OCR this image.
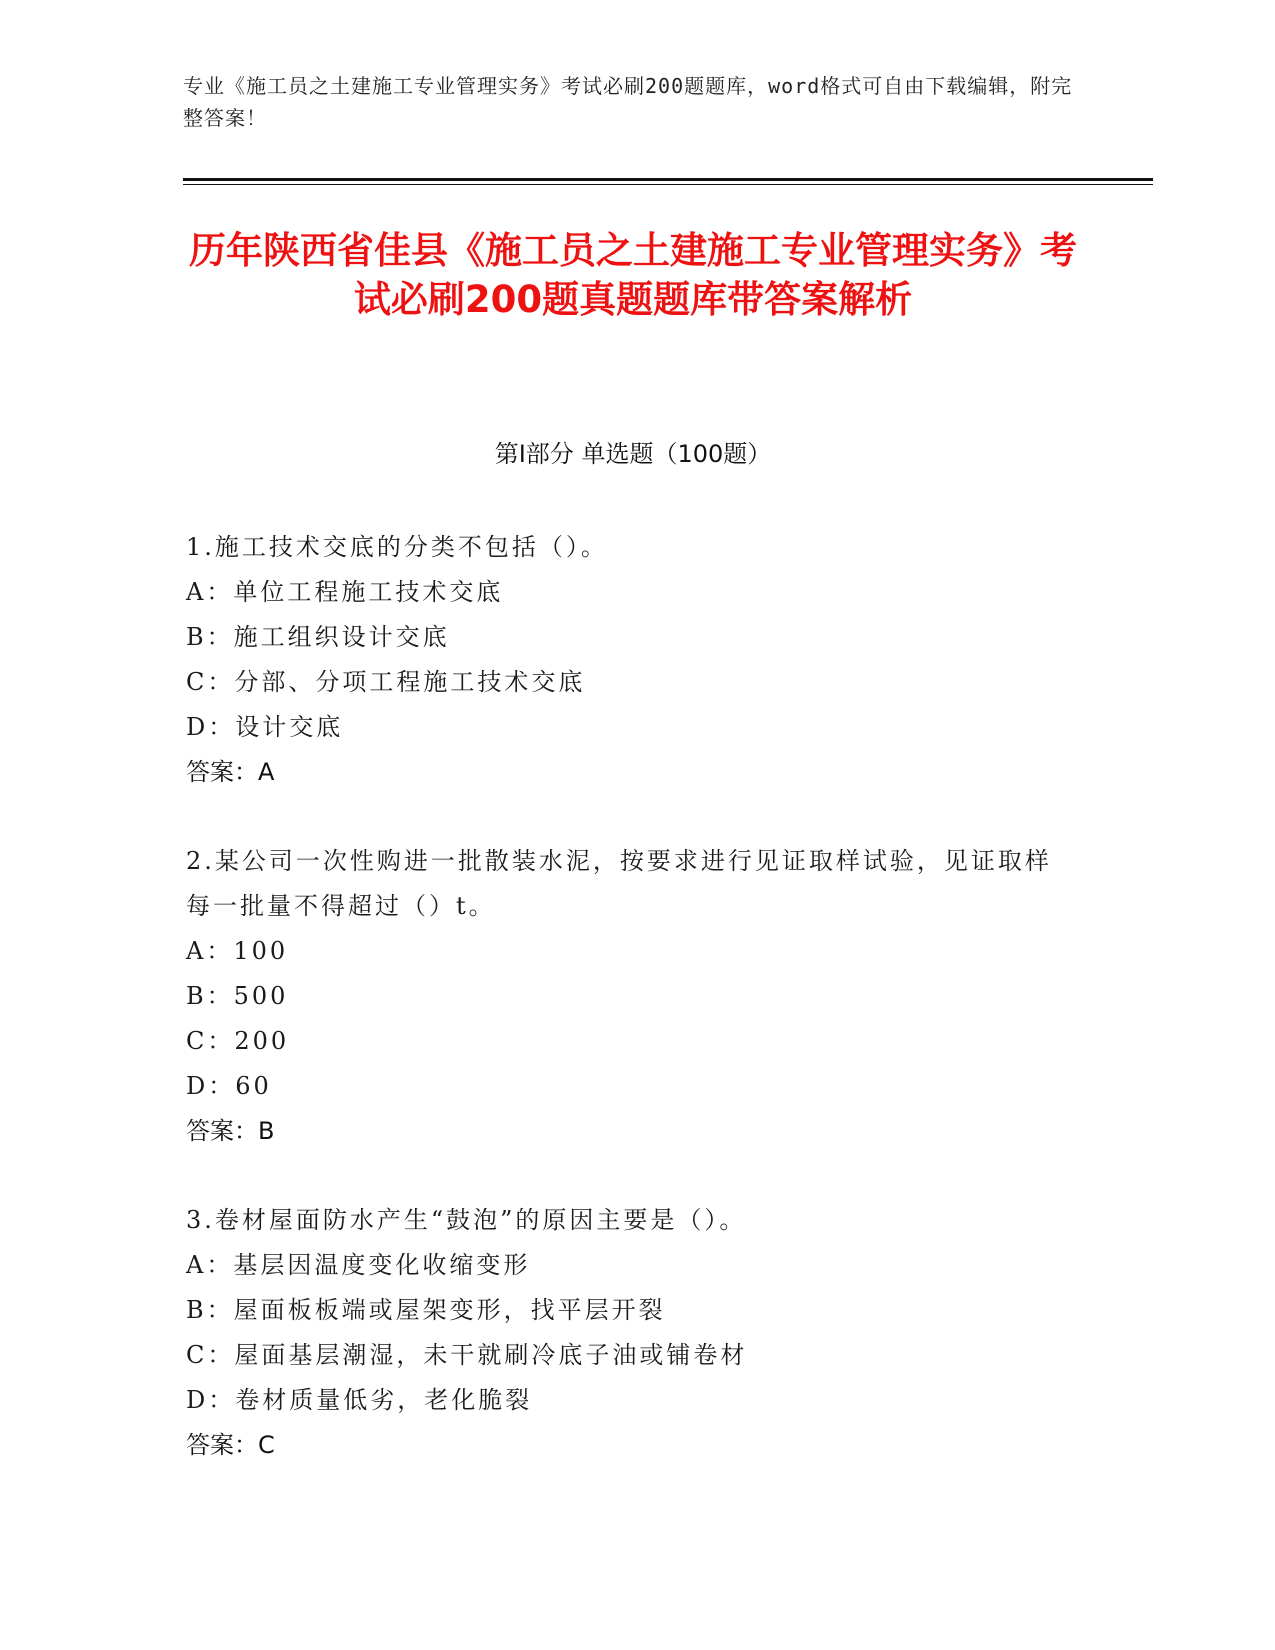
专业《施工员之土建施工专业管理实务》考试必刷200题题库，word格式可自由下载编辑，附完整答案！
历年陕西省佳县《施工员之土建施工专业管理实务》考试必刷200题真题题库带答案解析
第I部分 单选题（100题）
1.施工技术交底的分类不包括（）。
A：单位工程施工技术交底
B：施工组织设计交底
C：分部、分项工程施工技术交底
D：设计交底
答案：A
2.某公司一次性购进一批散装水泥，按要求进行见证取样试验，见证取样每一批量不得超过（）t。
A：100
B：500
C：200
D：60
答案：B
3.卷材屋面防水产生“鼓泡”的原因主要是（）。
A：基层因温度变化收缩变形
B：屋面板板端或屋架变形，找平层开裂
C：屋面基层潮湿，未干就刷冷底子油或铺卷材
D：卷材质量低劣，老化脆裂
答案：C
